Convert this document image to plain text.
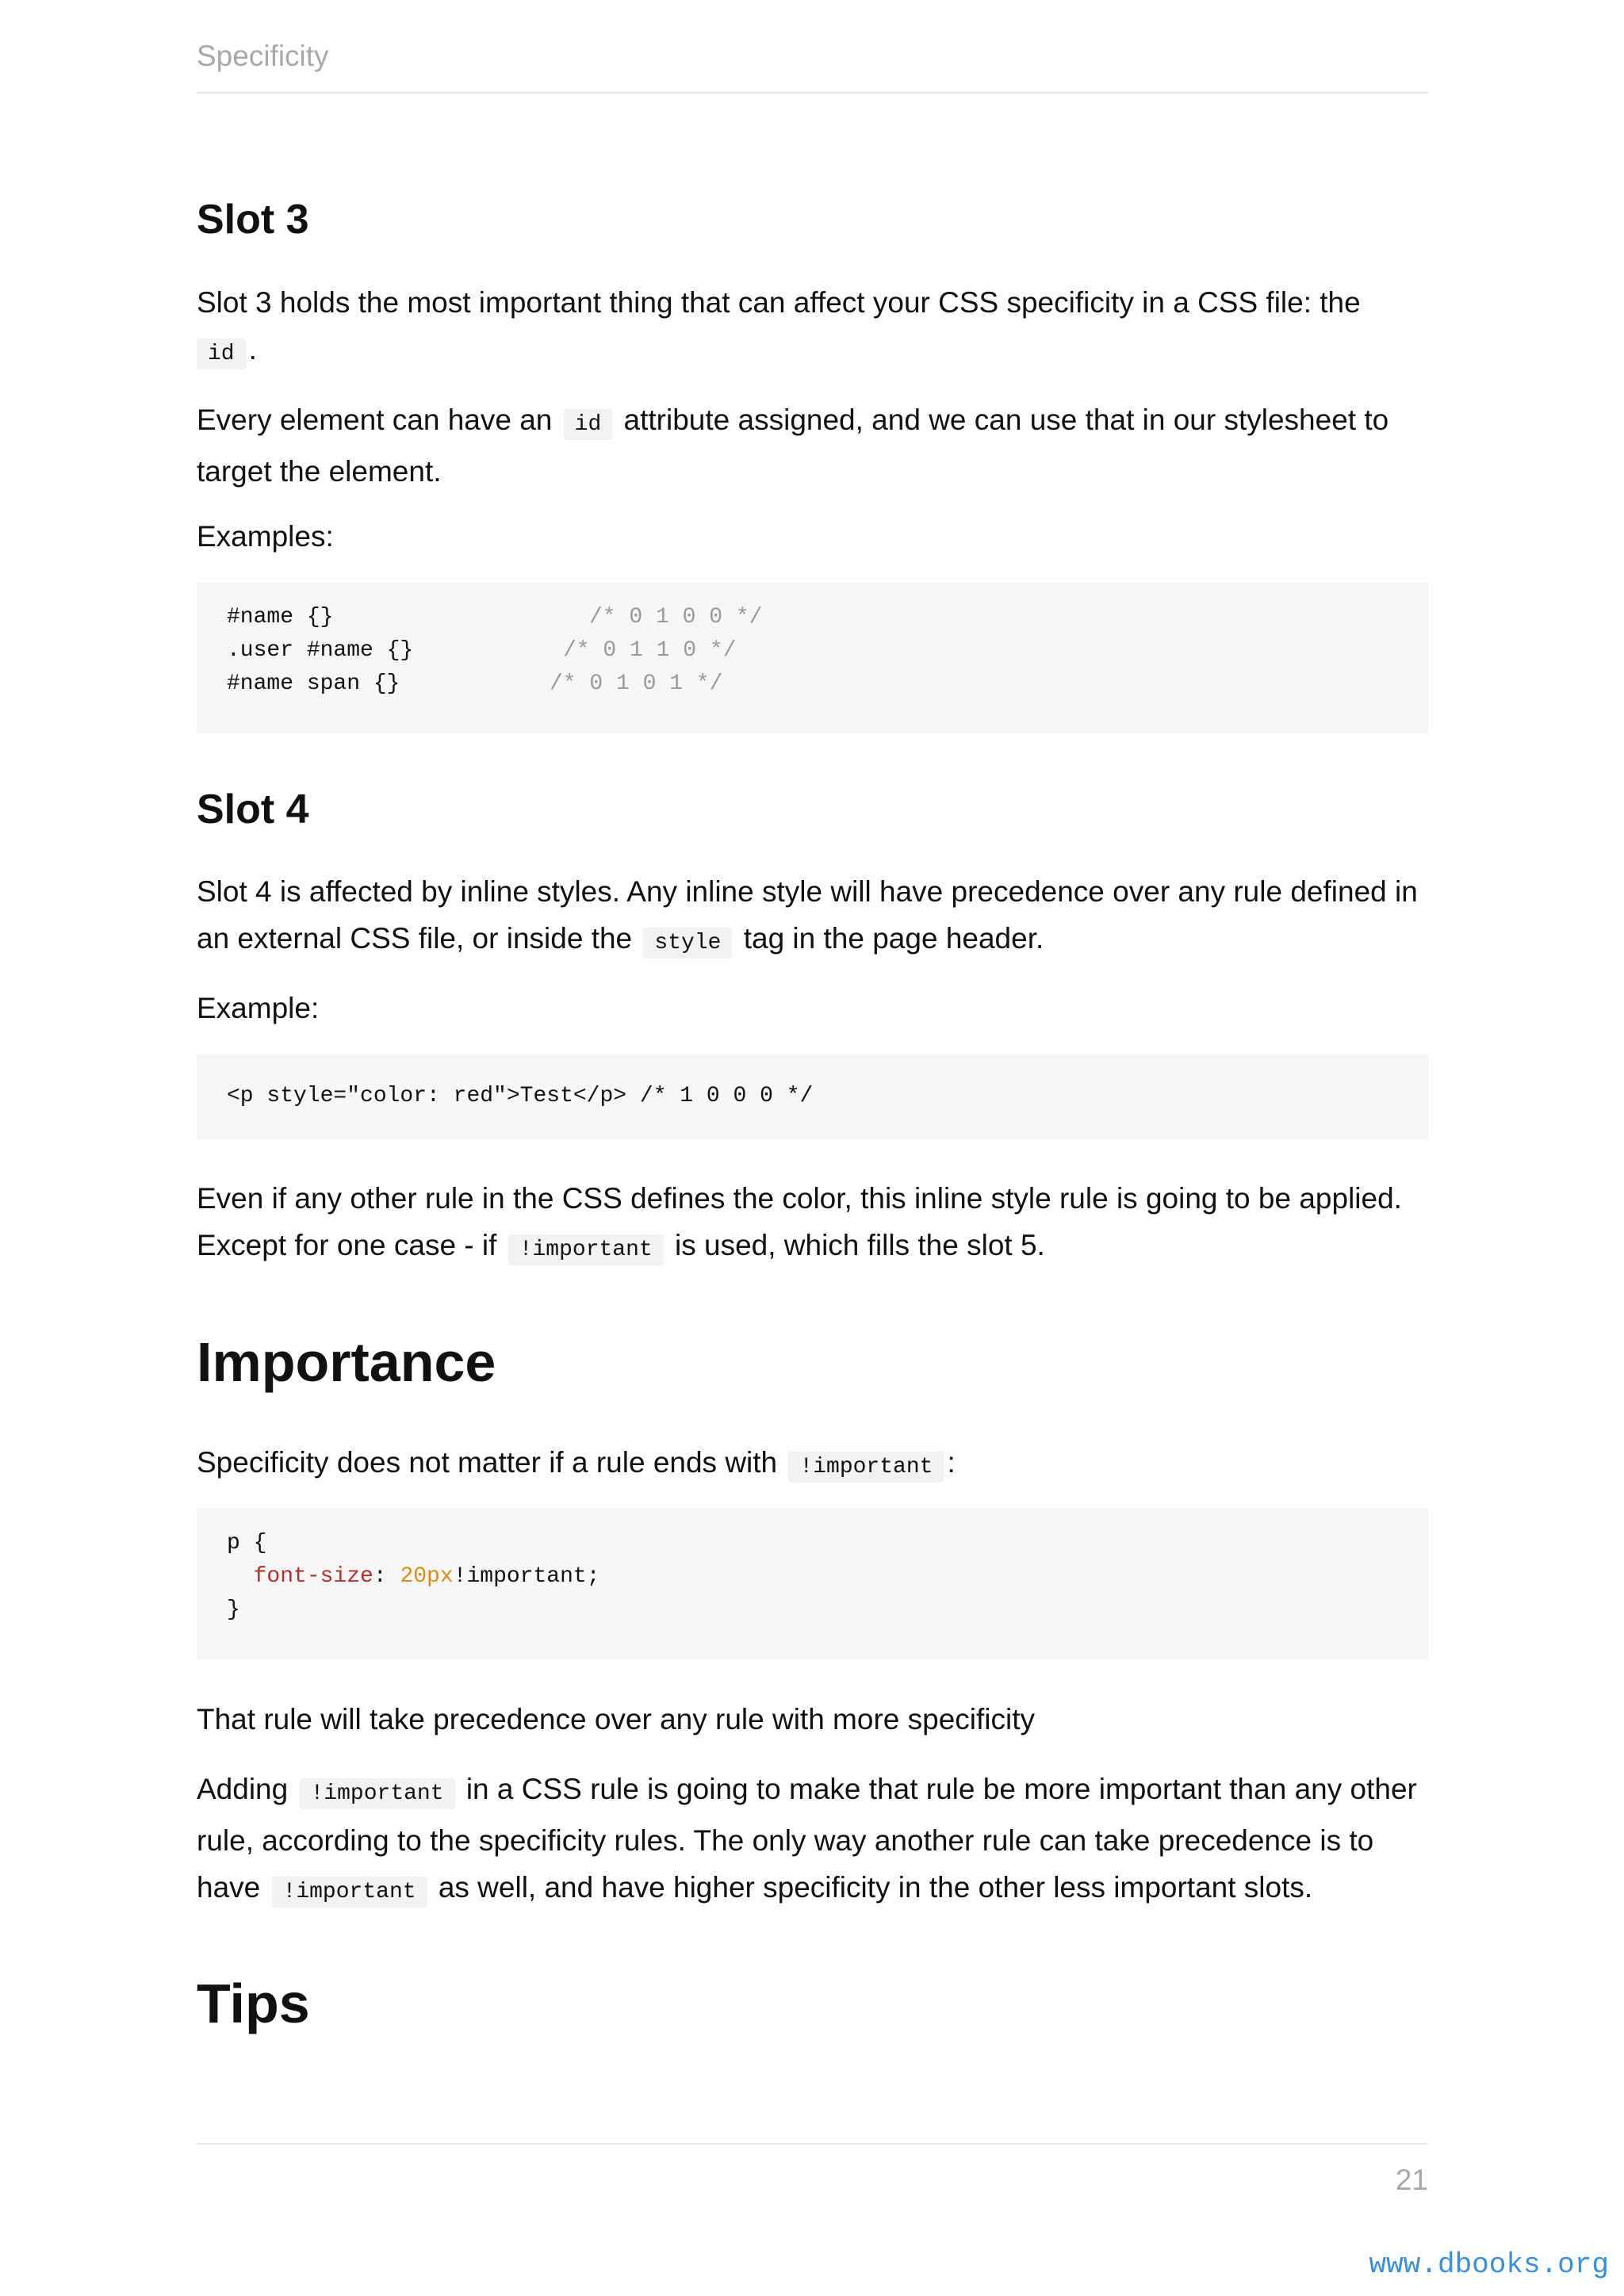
Specificity
Slot 3

Slot 3 holds the most important thing that can affect your CSS specificity in a CSS file: the id .

Every element can have an id attribute assigned, and we can use that in our stylesheet to target the element.

Examples:

#name {}	/* 0 1 0 0 */
.user #name {}	/* 0 1 1 0 */
#name span {}	/* 0 1 0 1 */
Slot 4

Slot 4 is affected by inline styles. Any inline style will have precedence over any rule defined in an external CSS file, or inside the style tag in the page header.

Example:

<p style="color: red">Test</p> /* 1 0 0 0 */

Even if any other rule in the CSS defines the color, this inline style rule is going to be applied. Except for one case - if !important is used, which fills the slot 5.

Importance

Specificity does not matter if a rule ends with !important :

p {
font-size: 20px!important;
}

That rule will take precedence over any rule with more specificity

Adding !important in a CSS rule is going to make that rule be more important than any other rule, according to the specificity rules. The only way another rule can take precedence is to have !important as well, and have higher specificity in the other less important slots.

Tips
21
www.dbooks.org
